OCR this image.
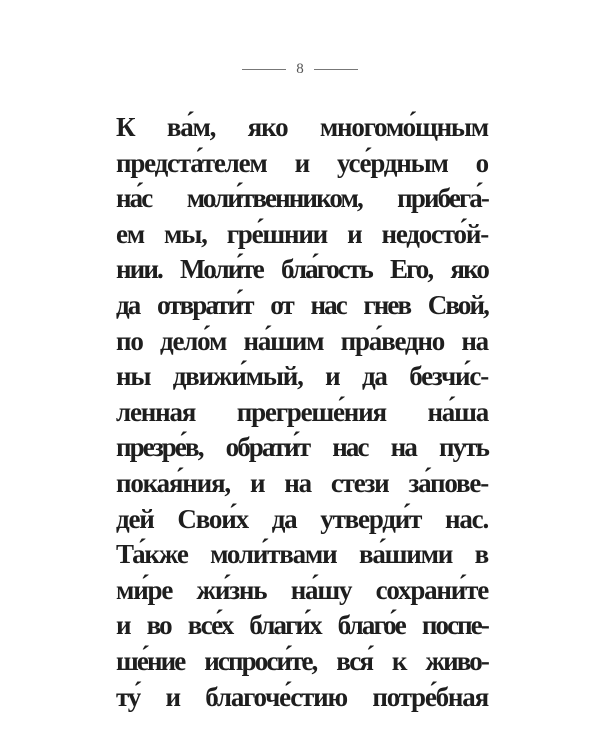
8
К ва́м, яко многомо́щным
предста́телем и усе́рдным о
на́с моли́твенником, прибега́-
ем мы, гре́шнии и недосто́й-
нии. Моли́те бла́гость Его, яко
да отврати́т от нас гнев Свой,
по дело́м на́шим пра́ведно на
ны движи́мый, и да безчи́с-
ленная прегреше́ния на́ша
презре́в, обрати́т нас на путь
покая́ния, и на стези за́пове-
дей Свои́х да утверди́т нас.
Та́кже моли́твами ва́шими в
ми́ре жи́знь на́шу сохрани́те
и во все́х благи́х благо́е поспе-
ше́ние испроси́те, вся́ к живо-
ту́ и благоче́стию потре́бная
